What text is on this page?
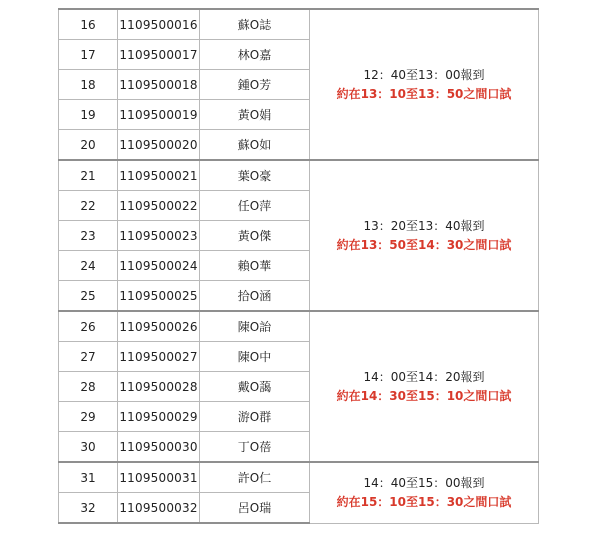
16	1109500016	蘇O誌	12：40至13：00報到
約在13：10至13：50之間口試

17	1109500017	林O嘉	
18	1109500018	鍾O芳	
19	1109500019	黃O娟	
20	1109500020	蘇O如	
21	1109500021	葉O豪	13：20至13：40報到
約在13：50至14：30之間口試

22	1109500022	任O萍	
23	1109500023	黃O傑	
24	1109500024	賴O華	
25	1109500025	拾O涵	
26	1109500026	陳O詒	14：00至14：20報到
約在14：30至15：10之間口試

27	1109500027	陳O中	
28	1109500028	戴O藹	
29	1109500029	游O群	
30	1109500030	丁O蓓	
31	1109500031	許O仁	14：40至15：00報到
約在15：10至15：30之間口試

32	1109500032	呂O瑞	
